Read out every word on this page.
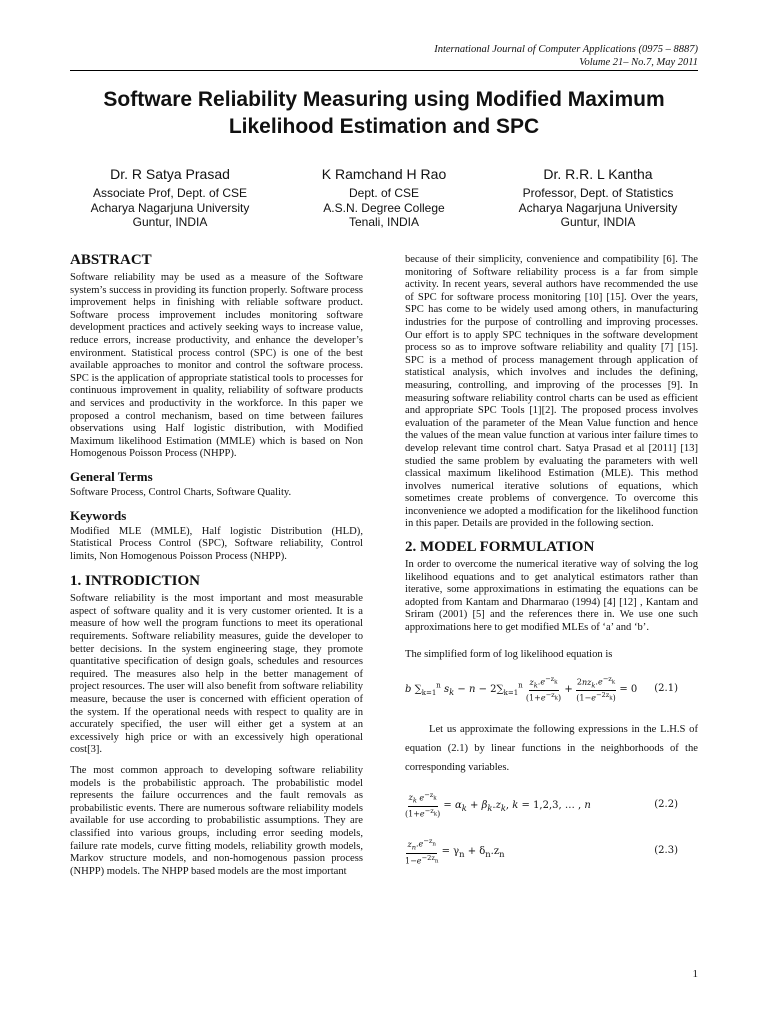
International Journal of Computer Applications (0975 – 8887)
Volume 21– No.7, May 2011
Software Reliability Measuring using Modified Maximum
Likelihood Estimation and SPC
Dr. R Satya Prasad
Associate Prof, Dept. of CSE
Acharya Nagarjuna University
Guntur, INDIA
K Ramchand H Rao
Dept. of CSE
A.S.N. Degree College
Tenali, INDIA
Dr. R.R. L Kantha
Professor, Dept. of Statistics
Acharya Nagarjuna University
Guntur, INDIA
ABSTRACT

Software reliability may be used as a measure of the Software system’s success in providing its function properly. Software process improvement helps in finishing with reliable software product. Software process improvement includes monitoring software development practices and actively seeking ways to increase value, reduce errors, increase productivity, and enhance the developer’s environment. Statistical process control (SPC) is one of the best available approaches to monitor and control the software process. SPC is the application of appropriate statistical tools to processes for continuous improvement in quality, reliability of software products and services and productivity in the workforce. In this paper we proposed a control mechanism, based on time between failures observations using Half logistic distribution, with Modified Maximum likelihood Estimation (MMLE) which is based on Non Homogenous Poisson Process (NHPP).

General Terms

Software Process, Control Charts, Software Quality.

Keywords

Modified MLE (MMLE), Half logistic Distribution (HLD), Statistical Process Control (SPC), Software reliability, Control limits, Non Homogenous Poisson Process (NHPP).

1. INTRODICTION

Software reliability is the most important and most measurable aspect of software quality and it is very customer oriented. It is a measure of how well the program functions to meet its operational requirements. Software reliability measures, guide the developer to better decisions. In the system engineering stage, they promote quantitative specification of design goals, schedules and resources required. The measures also help in the better management of project resources. The user will also benefit from software reliability measure, because the user is concerned with efficient operation of the system. If the operational needs with respect to quality are in accurately specified, the user will either get a system at an excessively high price or with an excessively high operational cost[3].

The most common approach to developing software reliability models is the probabilistic approach. The probabilistic model represents the failure occurrences and the fault removals as probabilistic events. There are numerous software reliability models available for use according to probabilistic assumptions. They are classified into various groups, including error seeding models, failure rate models, curve fitting models, reliability growth models, Markov structure models, and non-homogenous passion process (NHPP) models. The NHPP based models are the most important

because of their simplicity, convenience and compatibility [6]. The monitoring of Software reliability process is a far from simple activity. In recent years, several authors have recommended the use of SPC for software process monitoring [10] [15]. Over the years, SPC has come to be widely used among others, in manufacturing industries for the purpose of controlling and improving processes. Our effort is to apply SPC techniques in the software development process so as to improve software reliability and quality [7] [15]. SPC is a method of process management through application of statistical analysis, which involves and includes the defining, measuring, controlling, and improving of the processes [9]. In measuring software reliability control charts can be used as efficient and appropriate SPC Tools [1][2]. The proposed process involves evaluation of the parameter of the Mean Value function and hence the values of the mean value function at various inter failure times to develop relevant time control chart. Satya Prasad et al [2011] [13] studied the same problem by evaluating the parameters with well classical maximum likelihood Estimation (MLE). This method involves numerical iterative solutions of equations, which sometimes create problems of convergence. To overcome this inconvenience we adopted a modification for the likelihood function in this paper. Details are provided in the following section.

2. MODEL FORMULATION

In order to overcome the numerical iterative way of solving the log likelihood equations and to get analytical estimators rather than iterative, some approximations in estimating the equations can be adopted from Kantam and Dharmarao (1994) [4] [12] , Kantam and Sriram (2001) [5] and the references there in. We use one such approximations here to get modified MLEs of ‘a’ and ‘b’.

The simplified form of log likelihood equation is

b $\sum_{k=1}^n$ $s_k - n - 2\sum_{k=1}^n \frac{z_k.e^{-z_k}}{(1+e^{-z_k})}$ +
$2nz_k.e^{-z_k}$
$(1-e^{-2z_k})$
= 0 (2.1)

Let us approximate the following expressions in the L.H.S of equation (2.1) by linear functions in the neighborhoods of the corresponding variables.

$\frac{z_k e^{-z_k}}{(1+e^{-z_k})} = \alpha_k + \beta_k.z_k$, k = 1,2,3, … , n	(2.2)
$\frac{z_n.e^{-z_n}}{1-e^{-2z_n}} = \gamma_n + \delta_n.z_n$	(2.3)
1
